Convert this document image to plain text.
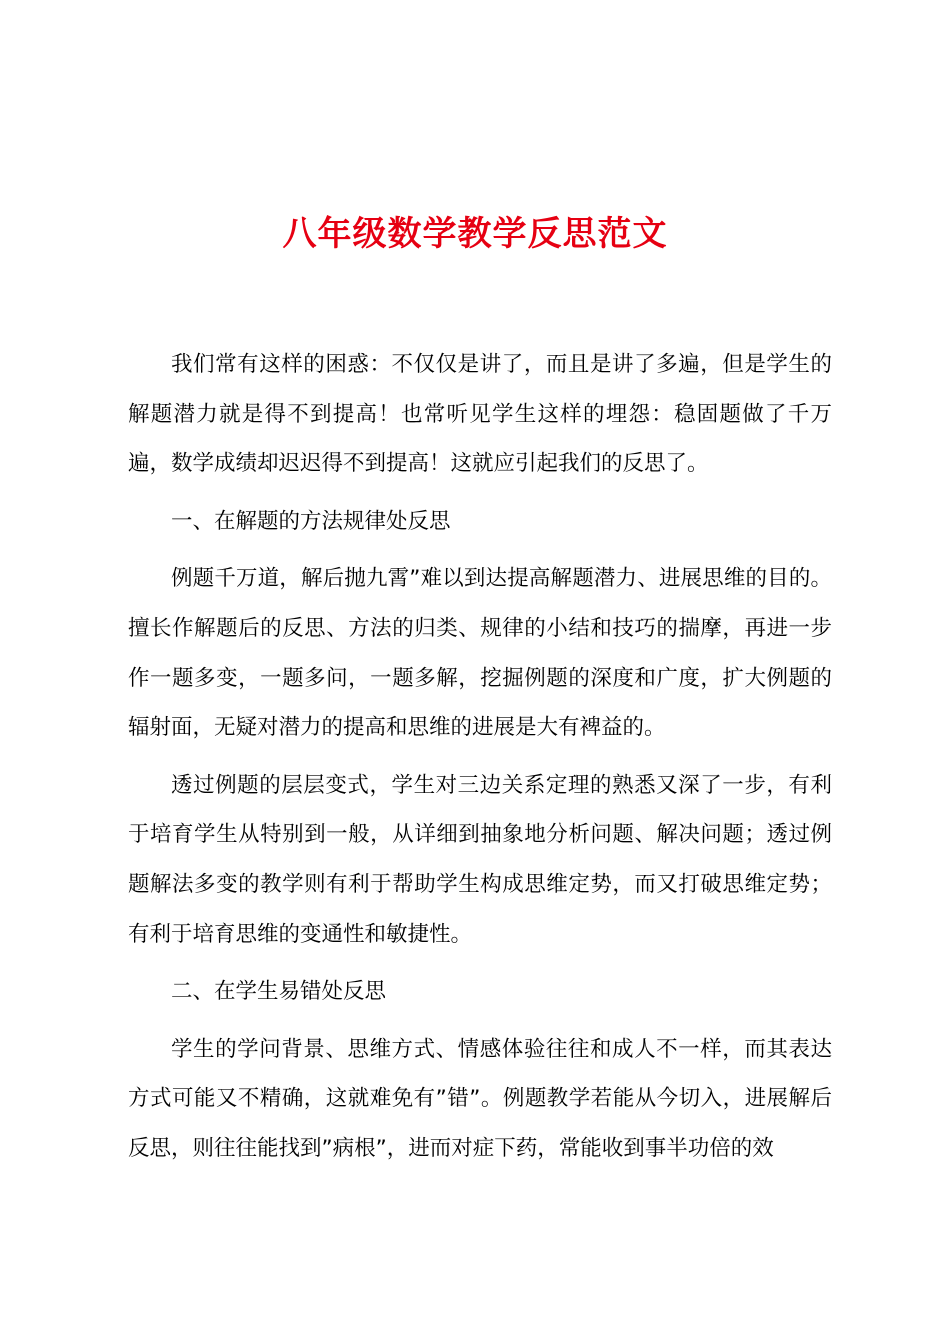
八年级数学教学反思范文

我们常有这样的困惑：不仅仅是讲了，而且是讲了多遍，但是学生的解题潜力就是得不到提高！也常听见学生这样的埋怨：稳固题做了千万遍，数学成绩却迟迟得不到提高！这就应引起我们的反思了。

一、在解题的方法规律处反思

例题千万道，解后抛九霄”难以到达提高解题潜力、进展思维的目的。擅长作解题后的反思、方法的归类、规律的小结和技巧的揣摩，再进一步作一题多变，一题多问，一题多解，挖掘例题的深度和广度，扩大例题的辐射面，无疑对潜力的提高和思维的进展是大有裨益的。

透过例题的层层变式，学生对三边关系定理的熟悉又深了一步，有利于培育学生从特别到一般，从详细到抽象地分析问题、解决问题；透过例题解法多变的教学则有利于帮助学生构成思维定势，而又打破思维定势；有利于培育思维的变通性和敏捷性。

二、在学生易错处反思

学生的学问背景、思维方式、情感体验往往和成人不一样，而其表达方式可能又不精确，这就难免有”错”。例题教学若能从今切入，进展解后反思，则往往能找到”病根”，进而对症下药，常能收到事半功倍的效
